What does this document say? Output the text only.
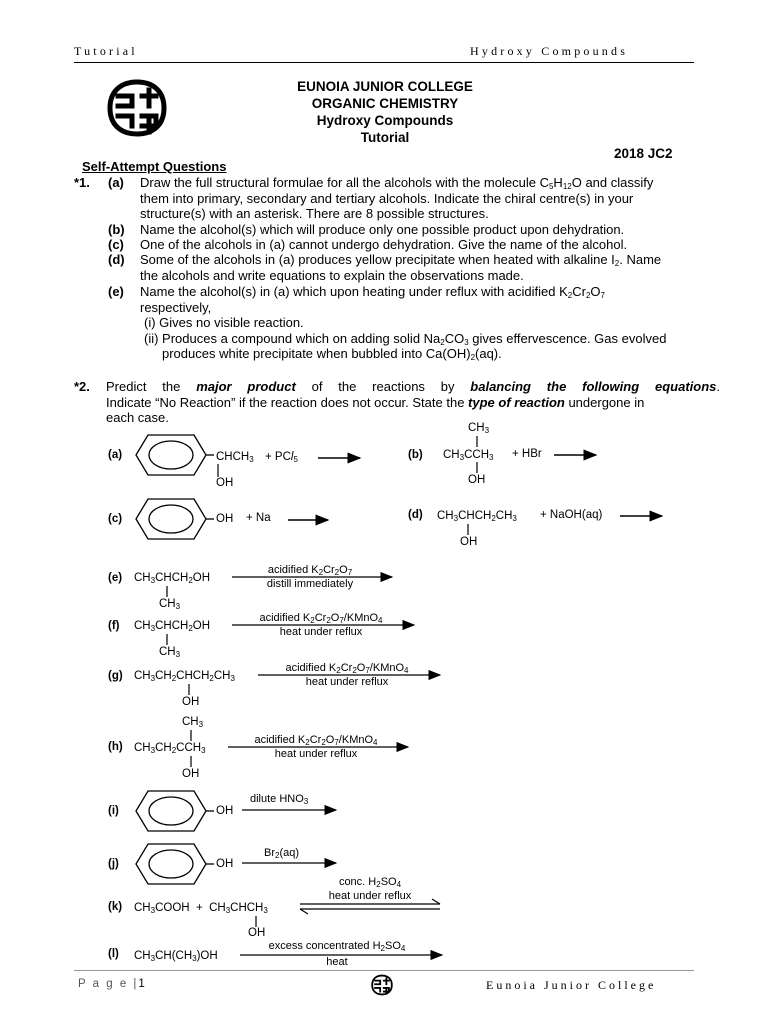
Tutorial	Hydroxy Compounds
EUNOIA JUNIOR COLLEGE
ORGANIC CHEMISTRY
Hydroxy Compounds
Tutorial
2018 JC2
Self-Attempt Questions
*1. (a) Draw the full structural formulae for all the alcohols with the molecule $C_5H_{12}O$ and classify
them into primary, secondary and tertiary alcohols. Indicate the chiral centre(s) in your
structure(s) with an asterisk. There are 8 possible structures.
(b) Name the alcohol(s) which will produce only one possible product upon dehydration.
(c) One of the alcohols in (a) cannot undergo dehydration. Give the name of the alcohol.
(d) Some of the alcohols in (a) produces yellow precipitate when heated with alkaline $I_2$. Name
the alcohols and write equations to explain the observations made.
(e) Name the alcohol(s) in (a) which upon heating under reflux with acidified $K_2Cr_2O_7$
respectively,
(i) Gives no visible reaction.
(ii) Produces a compound which on adding solid $Na_2CO_3$ gives effervescence. Gas evolved
produces white precipitate when bubbled into $Ca(OH)_2(aq)$.
*2. Predict the major product of the reactions by balancing the following equations.
Indicate “No Reaction” if the reaction does not occur. State the type of reaction undergone in
each case.
(a)	$CHCH_3$
OH
+ PCl$_5$	(b)
$CH_3$
$CH_3CCH_3$
OH
+ HBr
(c)	OH + Na	(d) $CH_3CHCH_2CH_3$
OH
+ NaOH(aq)
(e) $CH_3CHCH_2OH$
$CH_3$
acidified $K_2Cr_2O_7$
distill immediately
(f) $CH_3CHCH_2OH$
$CH_3$
acidified $K_2Cr_2O_7/KMnO_4$
heat under reflux
(g) $CH_3CH_2CHCH_2CH_3$
OH
acidified $K_2Cr_2O_7/KMnO_4$
heat under reflux
(h)
$CH_3$
$CH_3CH_2CCH_3$
OH
acidified $K_2Cr_2O_7/KMnO_4$
heat under reflux
(i)	OH
dilute $HNO_3$
(j)	OH
$Br_2(aq)$
(k) $CH_3COOH$  +  $CH_3CHCH_3$
OH
conc. $H_2SO_4$
heat under reflux
(l) $CH_3CH(CH_3)OH$
excess concentrated $H_2SO_4$
heat
P a g e |1	Eunoia Junior College
